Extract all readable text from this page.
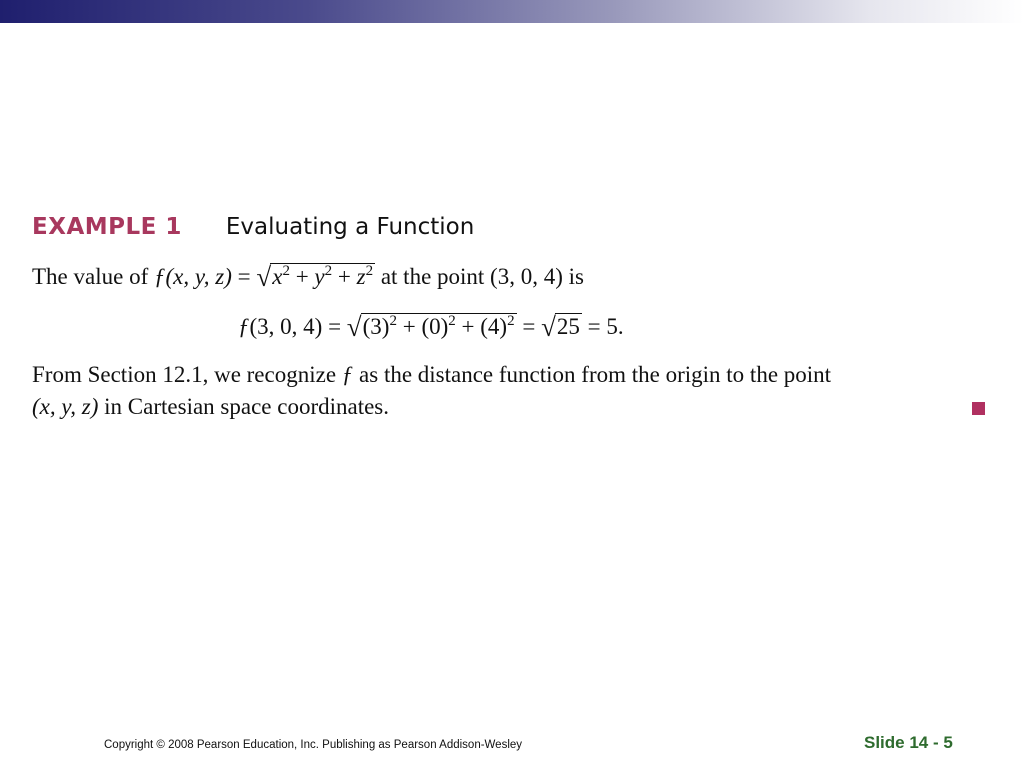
EXAMPLE 1 Evaluating a Function
The value of ƒ(x, y, $z) = √x^2 + y^2 + z^2$ at the point (3, 0, 4) is
ƒ(3, 0, $4) = √(3)^2 + (0)^2 + (4)^2 = √25 = 5$.
From Section 12.1, we recognize ƒ as the distance function from the origin to the point
(x, y, z) in Cartesian space coordinates.
Copyright © 2008 Pearson Education, Inc. Publishing as Pearson Addison-Wesley	Slide 14 - 5
